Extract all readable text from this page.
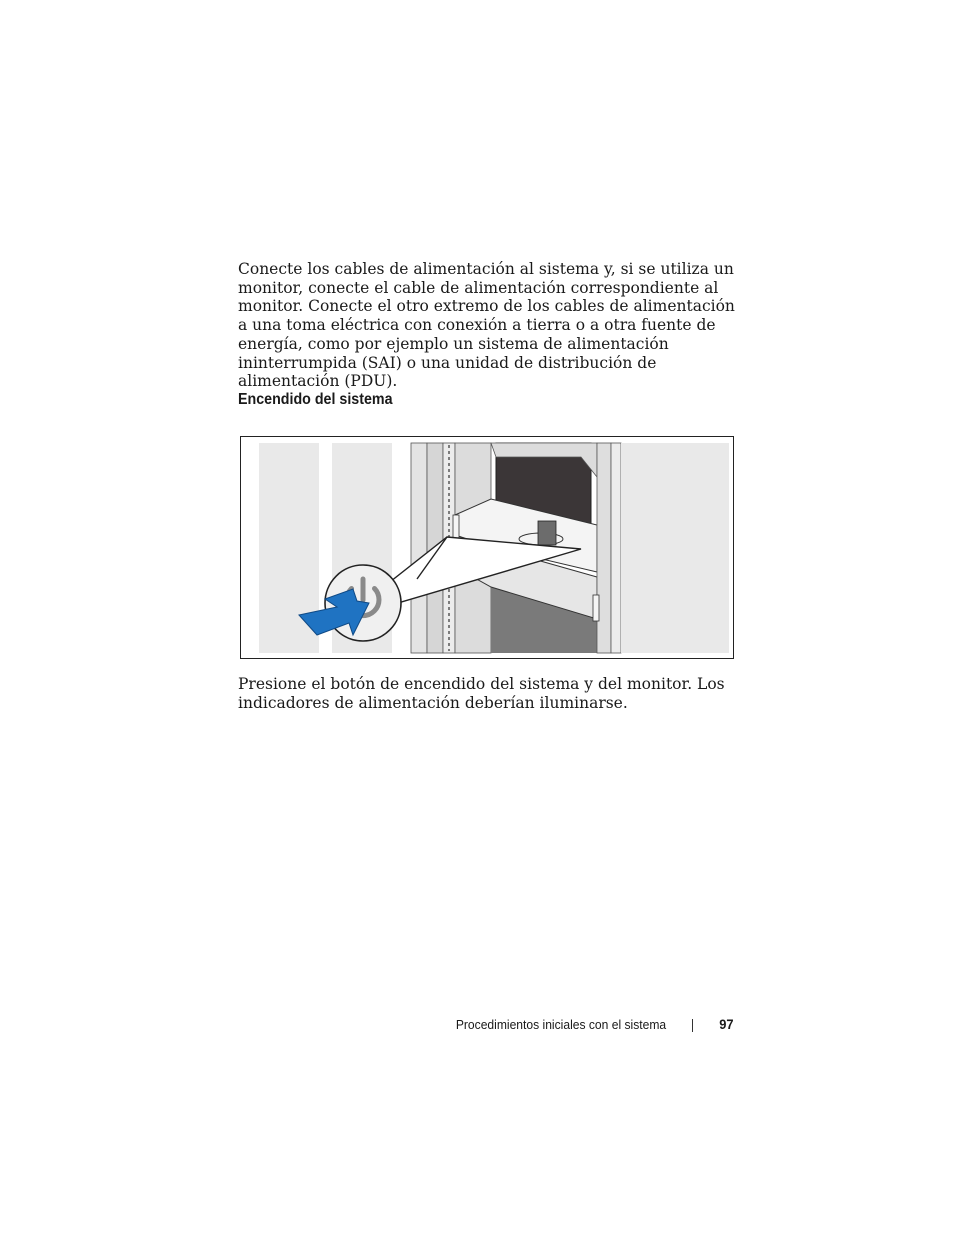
Conecte los cables de alimentación al sistema y, si se utiliza un monitor, conecte el cable de alimentación correspondiente al monitor. Conecte el otro extremo de los cables de alimentación a una toma eléctrica con conexión a tierra o a otra fuente de energía, como por ejemplo un sistema de alimentación ininterrumpida (SAI) o una unidad de distribución de alimentación (PDU).

Encendido del sistema

Presione el botón de encendido del sistema y del monitor. Los indicadores de alimentación deberían iluminarse.

Procedimientos iniciales con el sistema	97
